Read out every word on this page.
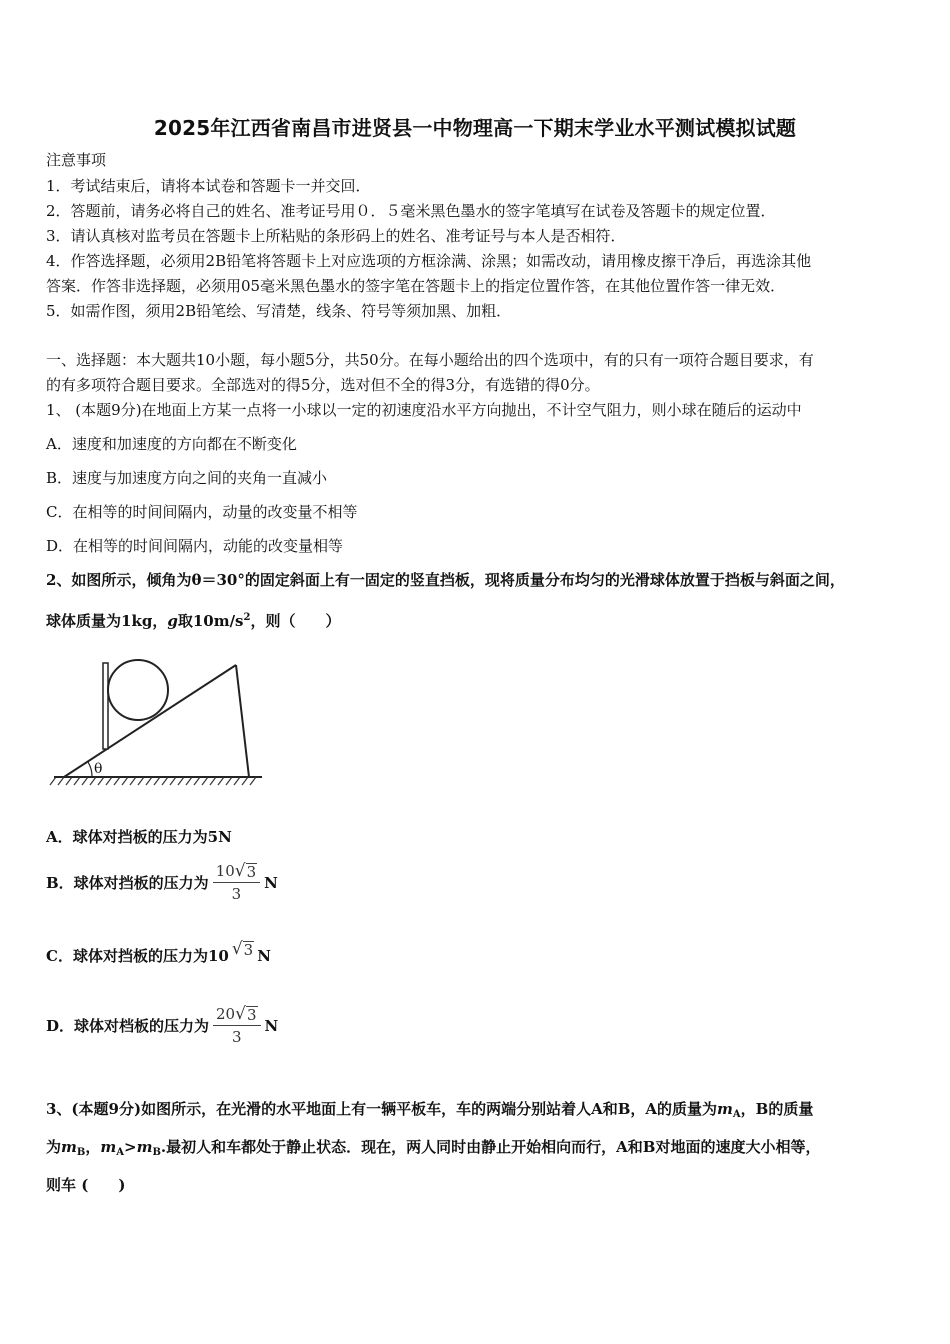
2025年江西省南昌市进贤县一中物理高一下期末学业水平测试模拟试题
注意事项
1．考试结束后，请将本试卷和答题卡一并交回．
2．答题前，请务必将自己的姓名、准考证号用０．５毫米黑色墨水的签字笔填写在试卷及答题卡的规定位置．
3．请认真核对监考员在答题卡上所粘贴的条形码上的姓名、准考证号与本人是否相符．
4．作答选择题，必须用2B铅笔将答题卡上对应选项的方框涂满、涂黑；如需改动，请用橡皮擦干净后，再选涂其他
答案．作答非选择题，必须用05毫米黑色墨水的签字笔在答题卡上的指定位置作答，在其他位置作答一律无效．
5．如需作图，须用2B铅笔绘、写清楚，线条、符号等须加黑、加粗．
一、选择题：本大题共10小题，每小题5分，共50分。在每小题给出的四个选项中，有的只有一项符合题目要求，有
的有多项符合题目要求。全部选对的得5分，选对但不全的得3分，有选错的得0分。
1、 (本题9分)在地面上方某一点将一小球以一定的初速度沿水平方向抛出，不计空气阻力，则小球在随后的运动中
A．速度和加速度的方向都在不断变化
B．速度与加速度方向之间的夹角一直减小
C．在相等的时间间隔内，动量的改变量不相等
D．在相等的时间间隔内，动能的改变量相等
2、如图所示，倾角为θ＝30°的固定斜面上有一固定的竖直挡板，现将质量分布均匀的光滑球体放置于挡板与斜面之间，
球体质量为1kg，g取$10m/s^2$，则（　　）
θ
A．球体对挡板的压力为5N
B．球体对挡板的压力为 $\frac{10 √ 3}{3}$ N
C．球体对挡板的压力为10 √ 3 N
D．球体对档板的压力为 $\frac{20 √ 3}{3}$ N
3、(本题9分)如图所示，在光滑的水平地面上有一辆平板车，车的两端分别站着人A和B，A的质量为$m_A$，B的质量
为$m_B$，$m_A>m_B$.最初人和车都处于静止状态．现在，两人同时由静止开始相向而行，A和B对地面的速度大小相等，
则车 (　　)
